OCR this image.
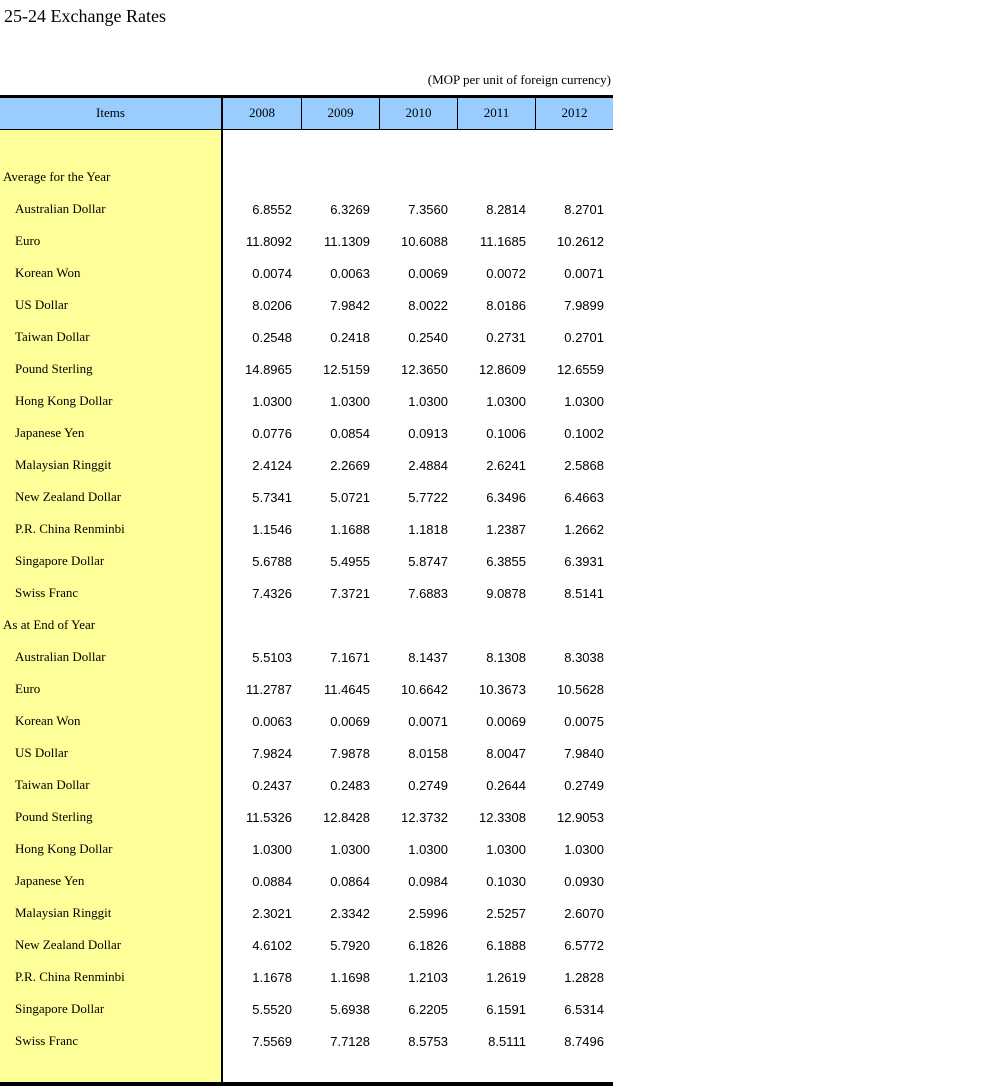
25-24 Exchange Rates
(MOP per unit of foreign currency)
Items	2008	2009	2010	2011	2012
Average for the Year
Australian Dollar	6.8552	6.3269	7.3560	8.2814	8.2701
Euro	11.8092	11.1309	10.6088	11.1685	10.2612
Korean Won	0.0074	0.0063	0.0069	0.0072	0.0071
US Dollar	8.0206	7.9842	8.0022	8.0186	7.9899
Taiwan Dollar	0.2548	0.2418	0.2540	0.2731	0.2701
Pound Sterling	14.8965	12.5159	12.3650	12.8609	12.6559
Hong Kong Dollar	1.0300	1.0300	1.0300	1.0300	1.0300
Japanese Yen	0.0776	0.0854	0.0913	0.1006	0.1002
Malaysian Ringgit	2.4124	2.2669	2.4884	2.6241	2.5868
New Zealand Dollar	5.7341	5.0721	5.7722	6.3496	6.4663
P.R. China Renminbi	1.1546	1.1688	1.1818	1.2387	1.2662
Singapore Dollar	5.6788	5.4955	5.8747	6.3855	6.3931
Swiss Franc	7.4326	7.3721	7.6883	9.0878	8.5141
As at End of Year
Australian Dollar	5.5103	7.1671	8.1437	8.1308	8.3038
Euro	11.2787	11.4645	10.6642	10.3673	10.5628
Korean Won	0.0063	0.0069	0.0071	0.0069	0.0075
US Dollar	7.9824	7.9878	8.0158	8.0047	7.9840
Taiwan Dollar	0.2437	0.2483	0.2749	0.2644	0.2749
Pound Sterling	11.5326	12.8428	12.3732	12.3308	12.9053
Hong Kong Dollar	1.0300	1.0300	1.0300	1.0300	1.0300
Japanese Yen	0.0884	0.0864	0.0984	0.1030	0.0930
Malaysian Ringgit	2.3021	2.3342	2.5996	2.5257	2.6070
New Zealand Dollar	4.6102	5.7920	6.1826	6.1888	6.5772
P.R. China Renminbi	1.1678	1.1698	1.2103	1.2619	1.2828
Singapore Dollar	5.5520	5.6938	6.2205	6.1591	6.5314
Swiss Franc	7.5569	7.7128	8.5753	8.5111	8.7496
